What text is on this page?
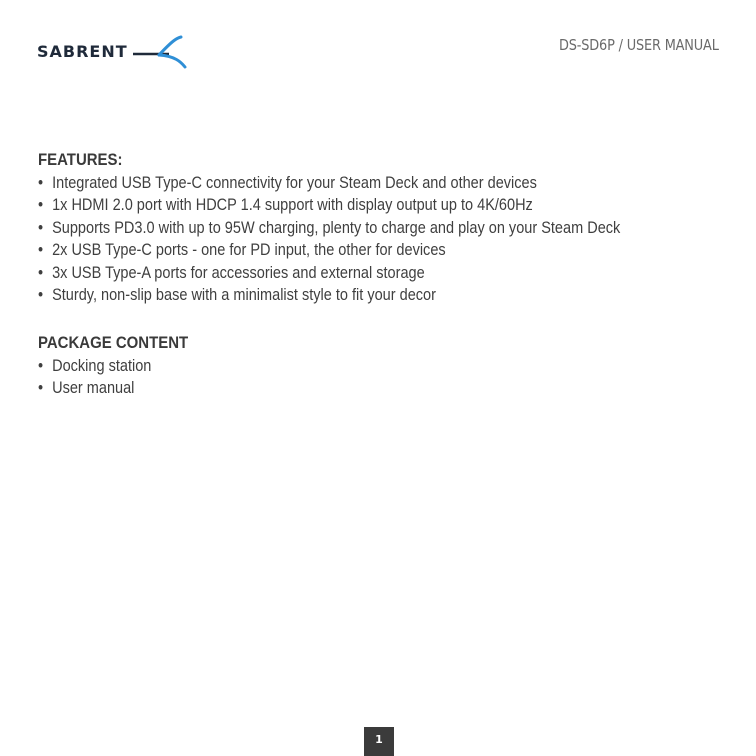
SABRENT	DS-SD6P / USER MANUAL
FEATURES:
• Integrated USB Type-C connectivity for your Steam Deck and other devices
• 1x HDMI 2.0 port with HDCP 1.4 support with display output up to 4K/60Hz
• Supports PD3.0 with up to 95W charging, plenty to charge and play on your Steam Deck
• 2x USB Type-C ports - one for PD input, the other for devices
• 3x USB Type-A ports for accessories and external storage
• Sturdy, non-slip base with a minimalist style to fit your decor
PACKAGE CONTENT
• Docking station
• User manual
1
